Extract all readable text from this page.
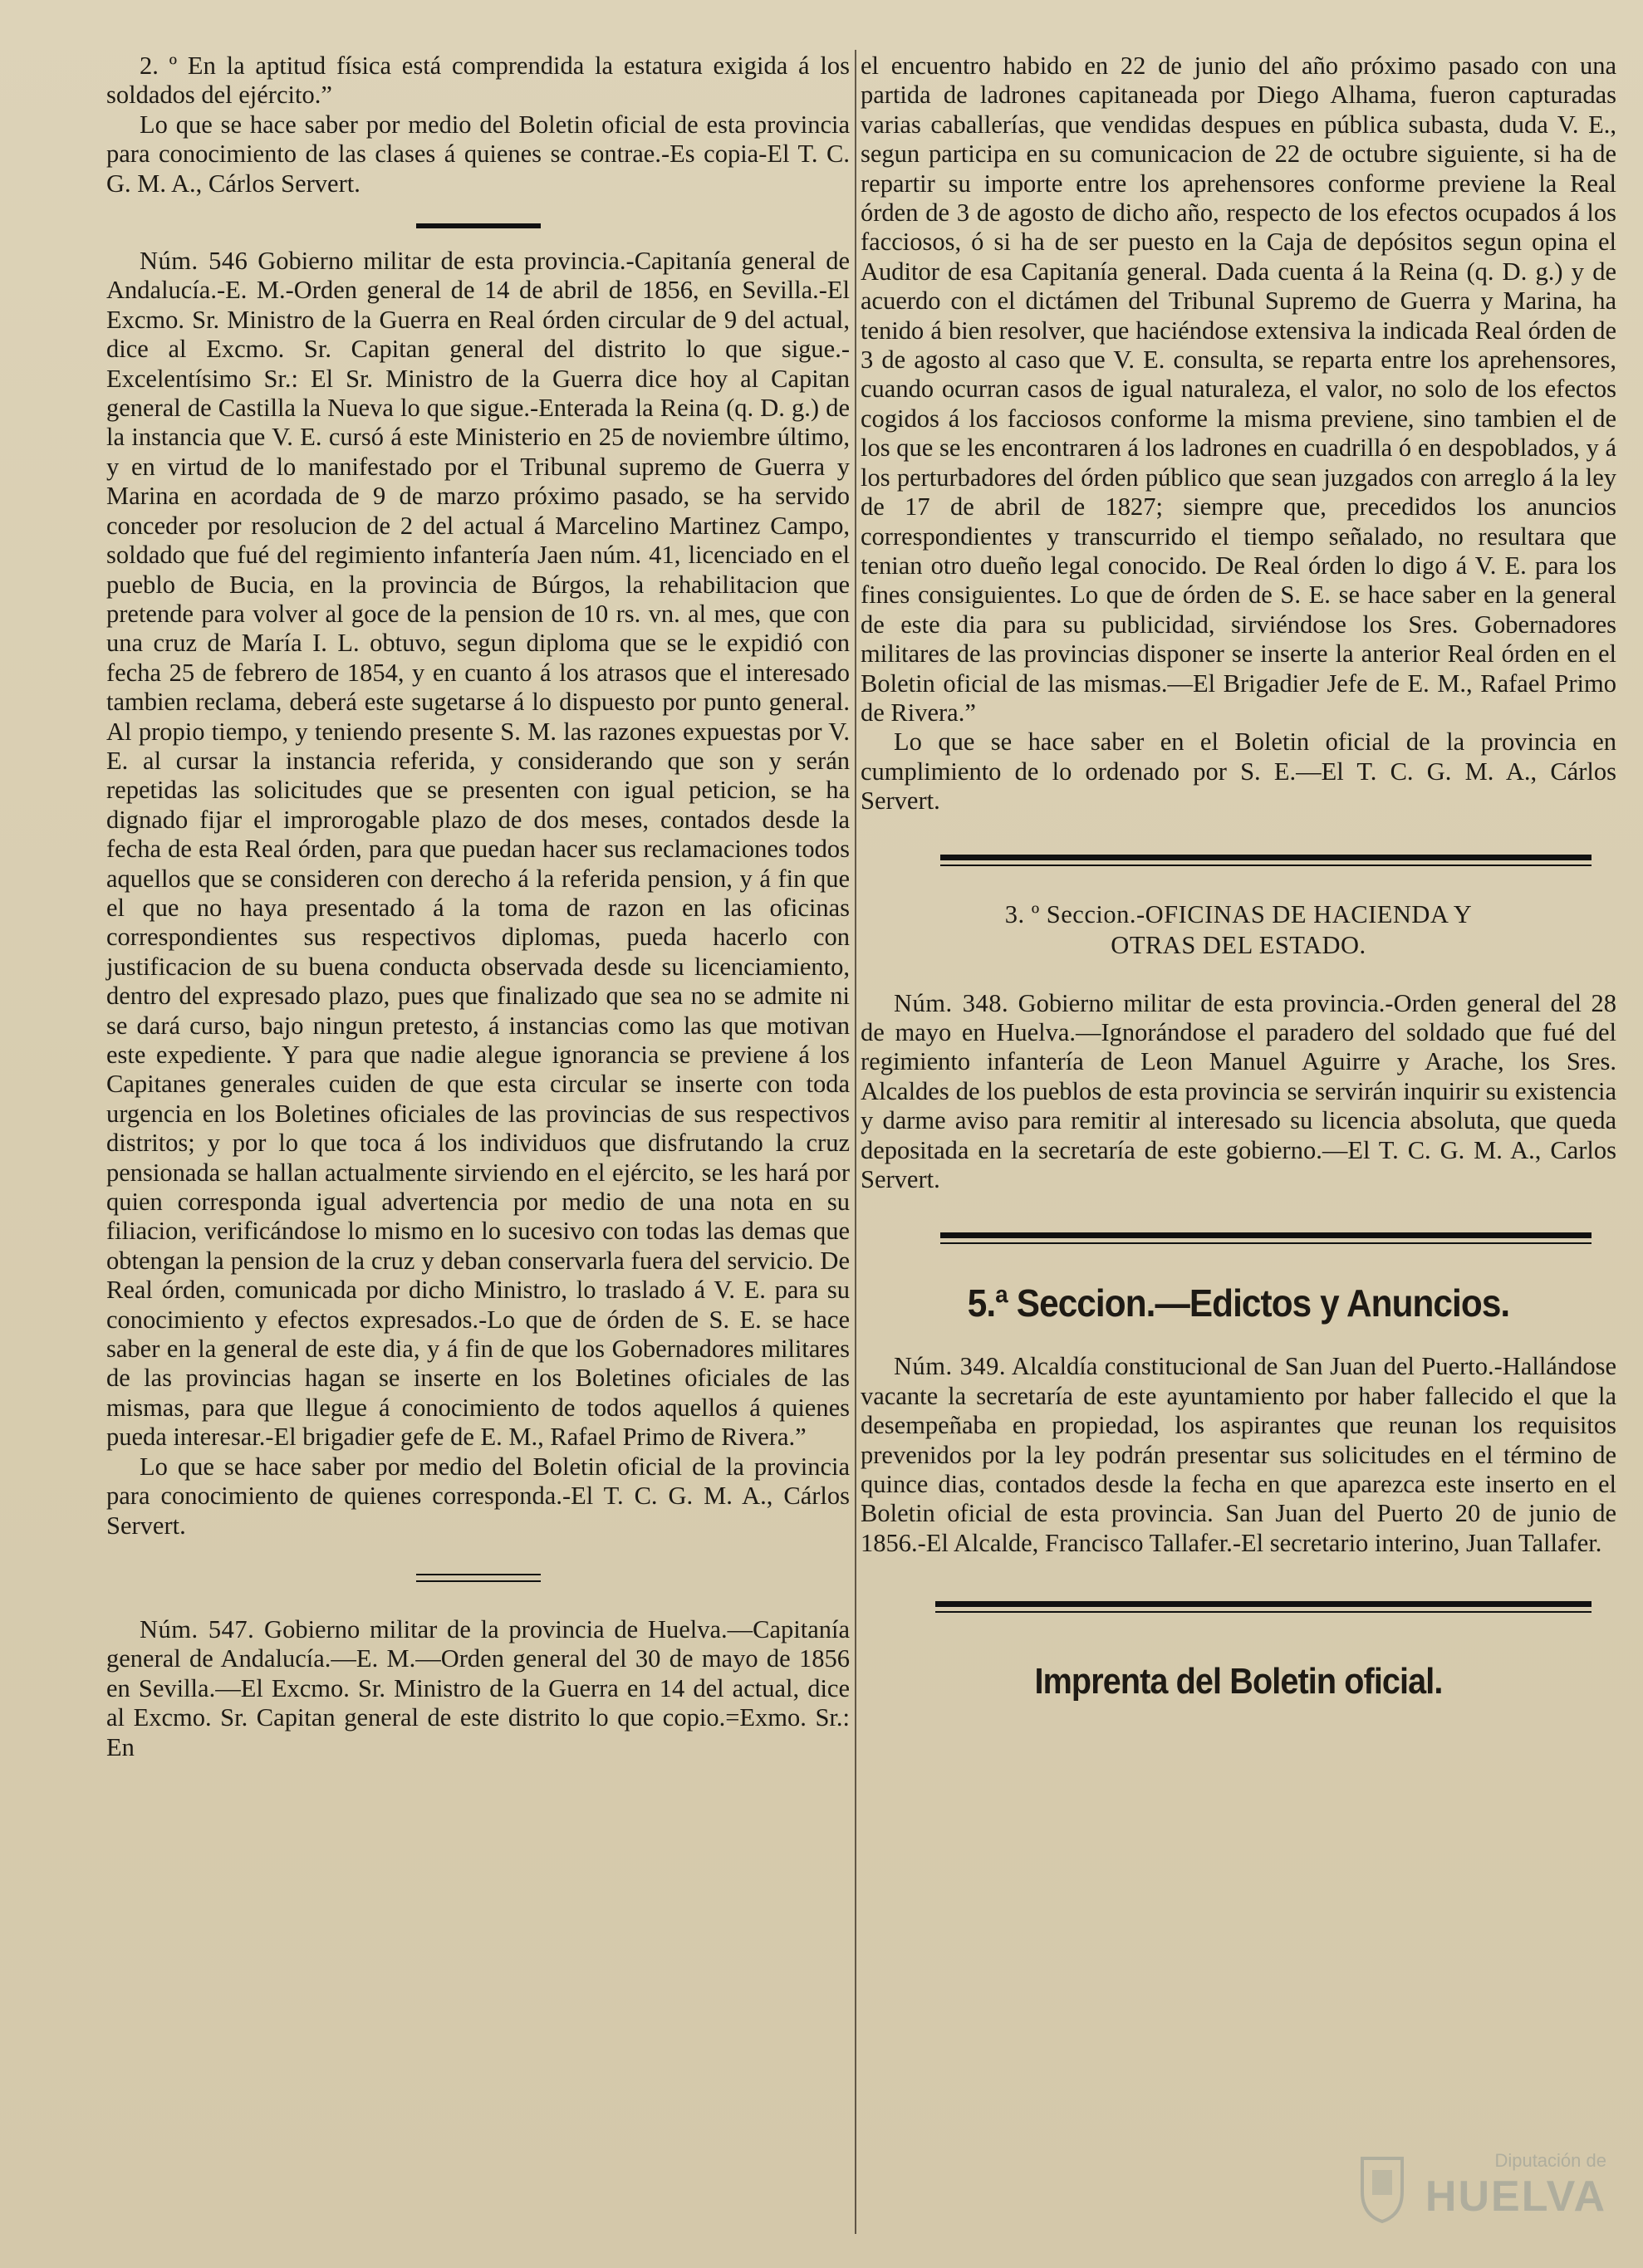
2. º En la aptitud física está comprendida la estatura exigida á los soldados del ejército.”

Lo que se hace saber por medio del Boletin oficial de esta provincia para conocimiento de las clases á quienes se contrae.-Es copia-El T. C. G. M. A., Cárlos Servert.

Núm. 546 Gobierno militar de esta provincia.-Capitanía general de Andalucía.-E. M.-Orden general de 14 de abril de 1856, en Sevilla.-El Excmo. Sr. Ministro de la Guerra en Real órden circular de 9 del actual, dice al Excmo. Sr. Capitan general del distrito lo que sigue.-Excelentísimo Sr.: El Sr. Ministro de la Guerra dice hoy al Capitan general de Castilla la Nueva lo que sigue.-Enterada la Reina (q. D. g.) de la instancia que V. E. cursó á este Ministerio en 25 de noviembre último, y en virtud de lo manifestado por el Tribunal supremo de Guerra y Marina en acordada de 9 de marzo próximo pasado, se ha servido conceder por resolucion de 2 del actual á Marcelino Martinez Campo, soldado que fué del regimiento infantería Jaen núm. 41, licenciado en el pueblo de Bucia, en la provincia de Búrgos, la rehabilitacion que pretende para volver al goce de la pension de 10 rs. vn. al mes, que con una cruz de María I. L. obtuvo, segun diploma que se le expidió con fecha 25 de febrero de 1854, y en cuanto á los atrasos que el interesado tambien reclama, deberá este sugetarse á lo dispuesto por punto general. Al propio tiempo, y teniendo presente S. M. las razones expuestas por V. E. al cursar la instancia referida, y considerando que son y serán repetidas las solicitudes que se presenten con igual peticion, se ha dignado fijar el improrogable plazo de dos meses, contados desde la fecha de esta Real órden, para que puedan hacer sus reclamaciones todos aquellos que se consideren con derecho á la referida pension, y á fin que el que no haya presentado á la toma de razon en las oficinas correspondientes sus respectivos diplomas, pueda hacerlo con justificacion de su buena conducta observada desde su licenciamiento, dentro del expresado plazo, pues que finalizado que sea no se admite ni se dará curso, bajo ningun pretesto, á instancias como las que motivan este expediente. Y para que nadie alegue ignorancia se previene á los Capitanes generales cuiden de que esta circular se inserte con toda urgencia en los Boletines oficiales de las provincias de sus respectivos distritos; y por lo que toca á los individuos que disfrutando la cruz pensionada se hallan actualmente sirviendo en el ejército, se les hará por quien corresponda igual advertencia por medio de una nota en su filiacion, verificándose lo mismo en lo sucesivo con todas las demas que obtengan la pension de la cruz y deban conservarla fuera del servicio. De Real órden, comunicada por dicho Ministro, lo traslado á V. E. para su conocimiento y efectos expresados.-Lo que de órden de S. E. se hace saber en la general de este dia, y á fin de que los Gobernadores militares de las provincias hagan se inserte en los Boletines oficiales de las mismas, para que llegue á conocimiento de todos aquellos á quienes pueda interesar.-El brigadier gefe de E. M., Rafael Primo de Rivera.”

Lo que se hace saber por medio del Boletin oficial de la provincia para conocimiento de quienes corresponda.-El T. C. G. M. A., Cárlos Servert.

Núm. 547. Gobierno militar de la provincia de Huelva.—Capitanía general de Andalucía.—E. M.—Orden general del 30 de mayo de 1856 en Sevilla.—El Excmo. Sr. Ministro de la Guerra en 14 del actual, dice al Excmo. Sr. Capitan general de este distrito lo que copio.=Exmo. Sr.: En

el encuentro habido en 22 de junio del año próximo pasado con una partida de ladrones capitaneada por Diego Alhama, fueron capturadas varias caballerías, que vendidas despues en pública subasta, duda V. E., segun participa en su comunicacion de 22 de octubre siguiente, si ha de repartir su importe entre los aprehensores conforme previene la Real órden de 3 de agosto de dicho año, respecto de los efectos ocupados á los facciosos, ó si ha de ser puesto en la Caja de depósitos segun opina el Auditor de esa Capitanía general. Dada cuenta á la Reina (q. D. g.) y de acuerdo con el dictámen del Tribunal Supremo de Guerra y Marina, ha tenido á bien resolver, que haciéndose extensiva la indicada Real órden de 3 de agosto al caso que V. E. consulta, se reparta entre los aprehensores, cuando ocurran casos de igual naturaleza, el valor, no solo de los efectos cogidos á los facciosos conforme la misma previene, sino tambien el de los que se les encontraren á los ladrones en cuadrilla ó en despoblados, y á los perturbadores del órden público que sean juzgados con arreglo á la ley de 17 de abril de 1827; siempre que, precedidos los anuncios correspondientes y transcurrido el tiempo señalado, no resultara que tenian otro dueño legal conocido. De Real órden lo digo á V. E. para los fines consiguientes. Lo que de órden de S. E. se hace saber en la general de este dia para su publicidad, sirviéndose los Sres. Gobernadores militares de las provincias disponer se inserte la anterior Real órden en el Boletin oficial de las mismas.—El Brigadier Jefe de E. M., Rafael Primo de Rivera.”

Lo que se hace saber en el Boletin oficial de la provincia en cumplimiento de lo ordenado por S. E.—El T. C. G. M. A., Cárlos Servert.

3. º Seccion.-OFICINAS DE HACIENDA Y
OTRAS DEL ESTADO.

Núm. 348. Gobierno militar de esta provincia.-Orden general del 28 de mayo en Huelva.—Ignorándose el paradero del soldado que fué del regimiento infantería de Leon Manuel Aguirre y Arache, los Sres. Alcaldes de los pueblos de esta provincia se servirán inquirir su existencia y darme aviso para remitir al interesado su licencia absoluta, que queda depositada en la secretaría de este gobierno.—El T. C. G. M. A., Carlos Servert.

5.ª Seccion.—Edictos y Anuncios.

Núm. 349. Alcaldía constitucional de San Juan del Puerto.-Hallándose vacante la secretaría de este ayuntamiento por haber fallecido el que la desempeñaba en propiedad, los aspirantes que reunan los requisitos prevenidos por la ley podrán presentar sus solicitudes en el término de quince dias, contados desde la fecha en que aparezca este inserto en el Boletin oficial de esta provincia. San Juan del Puerto 20 de junio de 1856.-El Alcalde, Francisco Tallafer.-El secretario interino, Juan Tallafer.

Imprenta del Boletin oficial.
Diputación de
HUELVA
